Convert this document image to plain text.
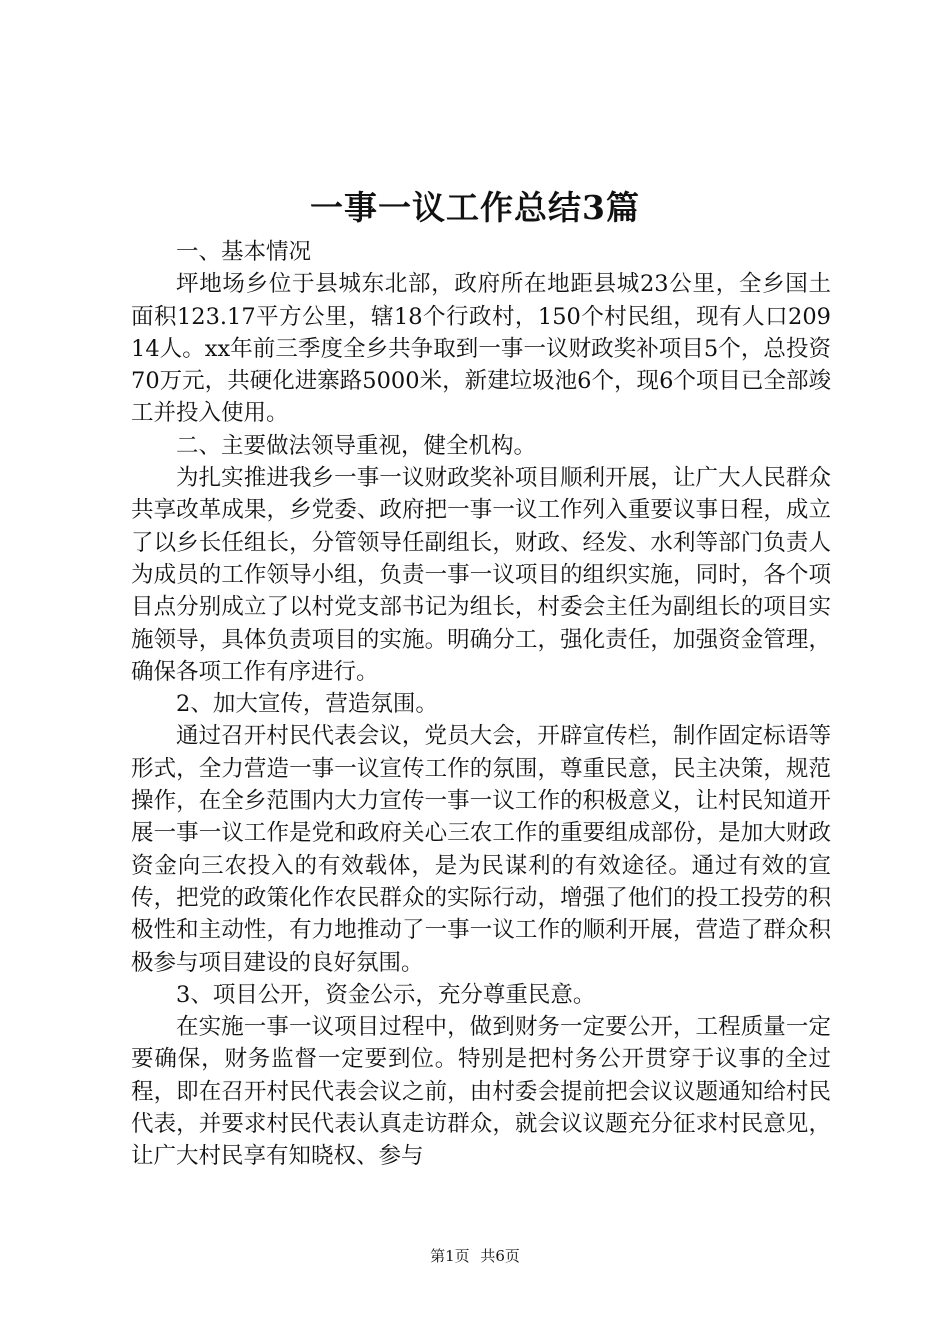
一事一议工作总结3篇

一、基本情况

坪地场乡位于县城东北部，政府所在地距县城23公里，全乡国土面积123.17平方公里，辖18个行政村，150个村民组，现有人口20914人。xx年前三季度全乡共争取到一事一议财政奖补项目5个，总投资70万元，共硬化进寨路5000米，新建垃圾池6个，现6个项目已全部竣工并投入使用。

二、主要做法领导重视，健全机构。

为扎实推进我乡一事一议财政奖补项目顺利开展，让广大人民群众共享改革成果，乡党委、政府把一事一议工作列入重要议事日程，成立了以乡长任组长，分管领导任副组长，财政、经发、水利等部门负责人为成员的工作领导小组，负责一事一议项目的组织实施，同时，各个项目点分别成立了以村党支部书记为组长，村委会主任为副组长的项目实施领导，具体负责项目的实施。明确分工，强化责任，加强资金管理，确保各项工作有序进行。

2、加大宣传，营造氛围。

通过召开村民代表会议，党员大会，开辟宣传栏，制作固定标语等形式，全力营造一事一议宣传工作的氛围，尊重民意，民主决策，规范操作，在全乡范围内大力宣传一事一议工作的积极意义，让村民知道开展一事一议工作是党和政府关心三农工作的重要组成部份，是加大财政资金向三农投入的有效载体，是为民谋利的有效途径。通过有效的宣传，把党的政策化作农民群众的实际行动，增强了他们的投工投劳的积极性和主动性，有力地推动了一事一议工作的顺利开展，营造了群众积极参与项目建设的良好氛围。

3、项目公开，资金公示，充分尊重民意。

在实施一事一议项目过程中，做到财务一定要公开，工程质量一定要确保，财务监督一定要到位。特别是把村务公开贯穿于议事的全过程，即在召开村民代表会议之前，由村委会提前把会议议题通知给村民代表，并要求村民代表认真走访群众，就会议议题充分征求村民意见，让广大村民享有知晓权、参与

第1页 共6页
